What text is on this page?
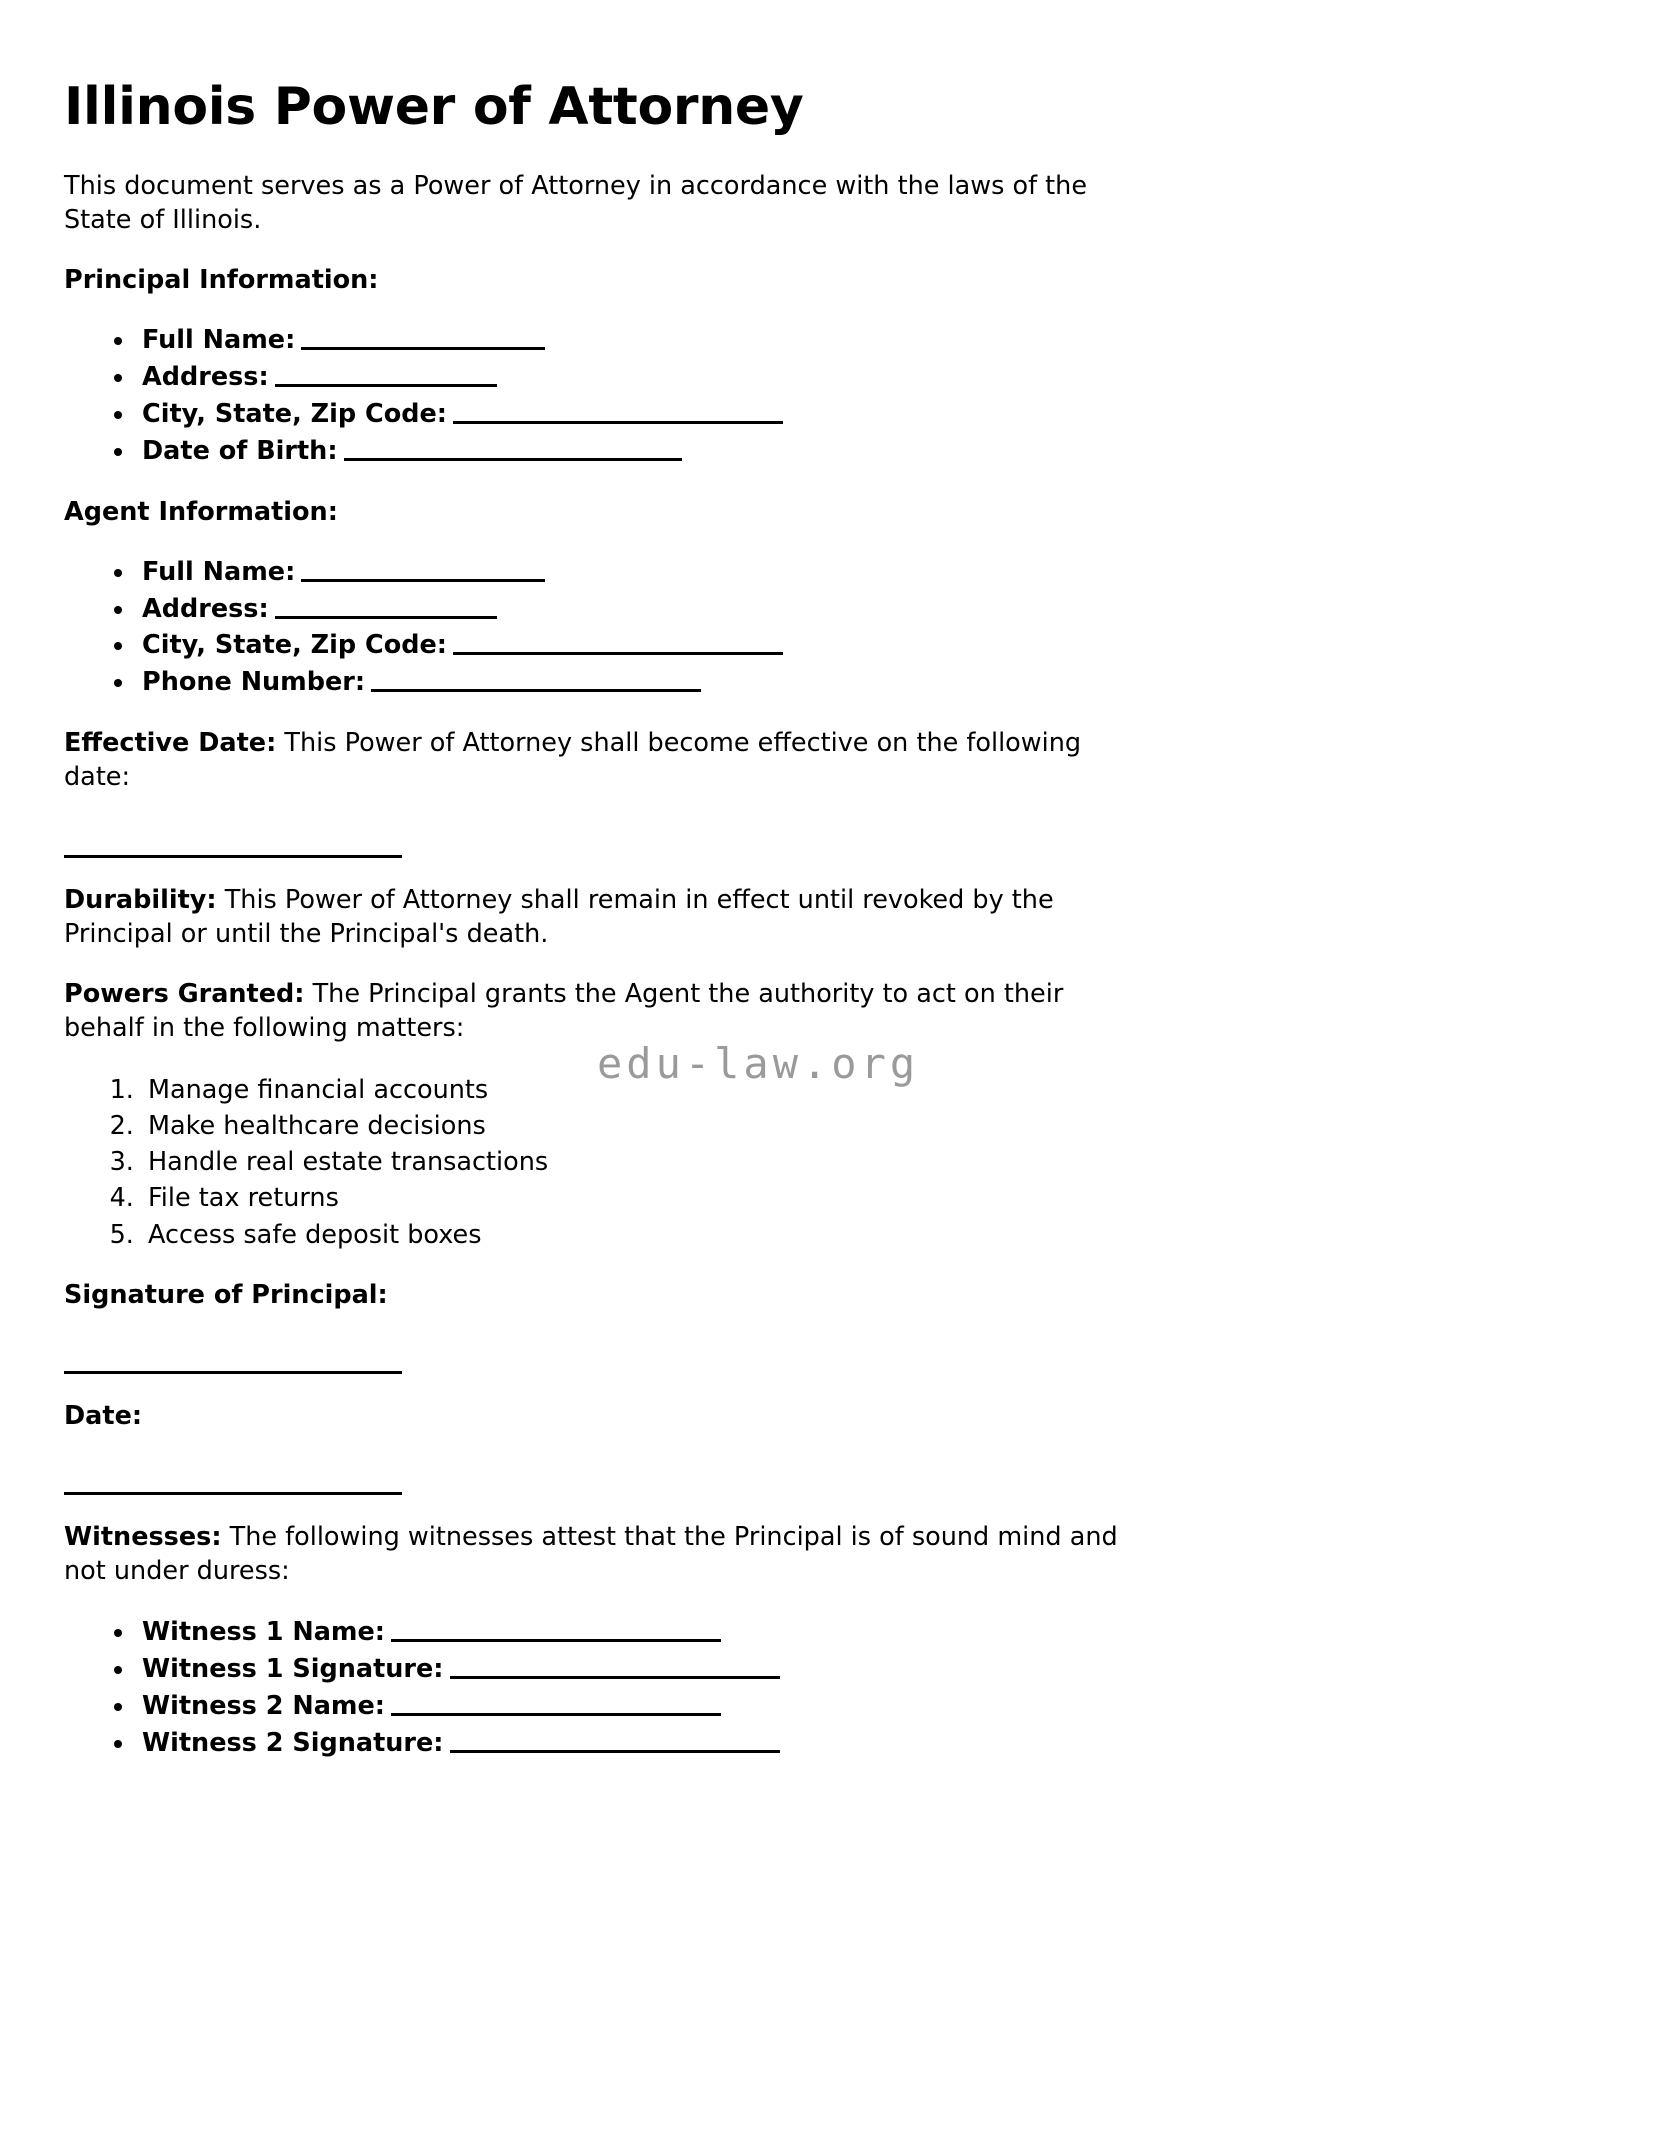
edu-law.org
Illinois Power of Attorney

This document serves as a Power of Attorney in accordance with the laws of the State of Illinois.

Principal Information:
• Full Name:
• Address:
• City, State, Zip Code:
• Date of Birth:
Agent Information:
• Full Name:
• Address:
• City, State, Zip Code:
• Phone Number:

Effective Date: This Power of Attorney shall become effective on the following date:

Durability: This Power of Attorney shall remain in effect until revoked by the Principal or until the Principal's death.

Powers Granted: The Principal grants the Agent the authority to act on their behalf in the following matters:

1. Manage financial accounts
2. Make healthcare decisions
3. Handle real estate transactions
4. File tax returns
5. Access safe deposit boxes
Signature of Principal:
Date:

Witnesses: The following witnesses attest that the Principal is of sound mind and not under duress:

• Witness 1 Name:
• Witness 1 Signature:
• Witness 2 Name:
• Witness 2 Signature:
